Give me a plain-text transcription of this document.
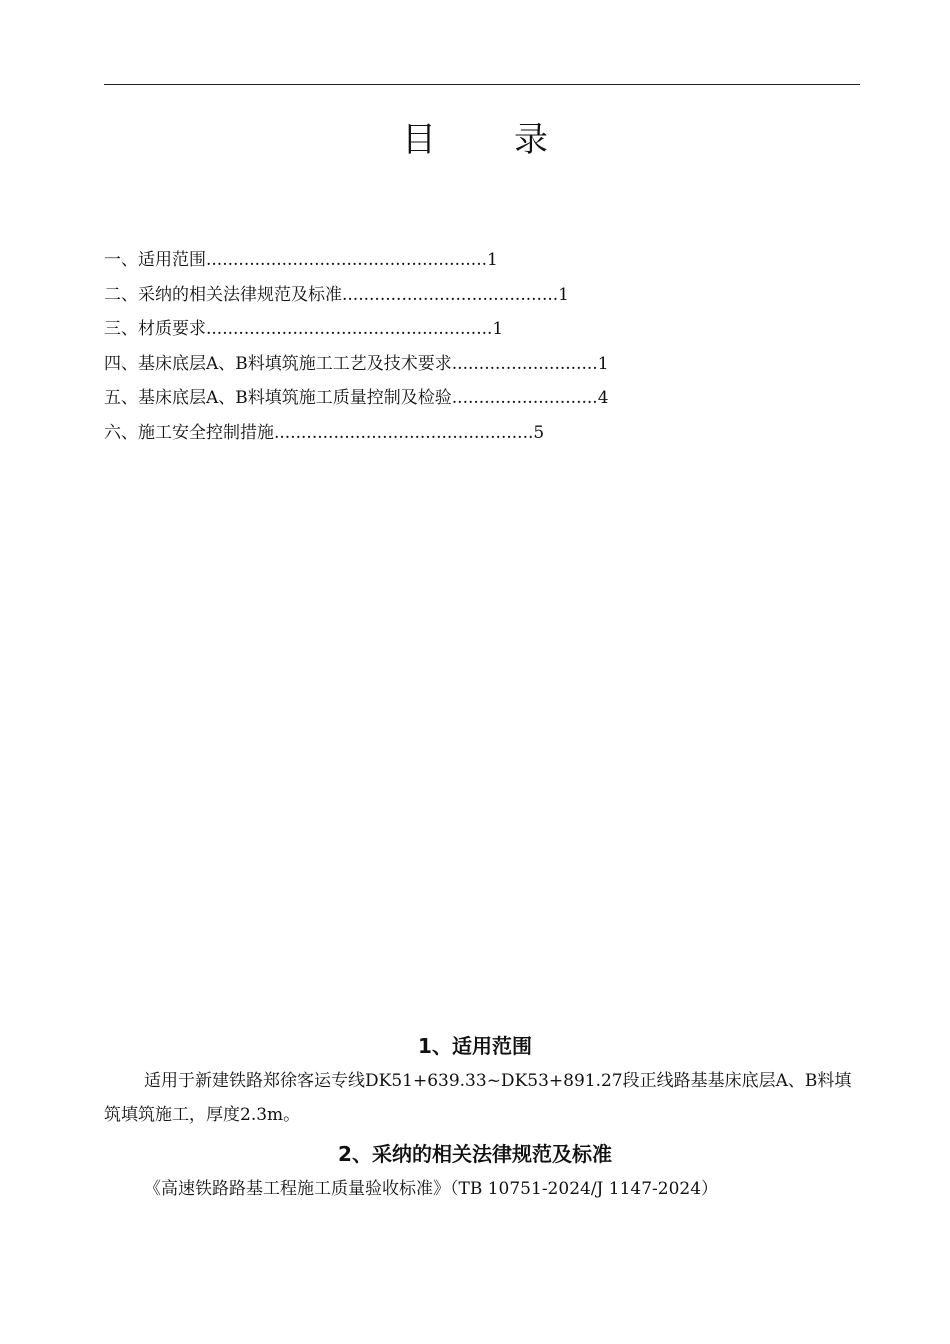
目录
一、适用范围....................................................1
二、采纳的相关法律规范及标准........................................1
三、材质要求.....................................................1
四、基床底层A、B料填筑施工工艺及技术要求...........................1
五、基床底层A、B料填筑施工质量控制及检验...........................4
六、施工安全控制措施................................................5
1、适用范围
适用于新建铁路郑徐客运专线DK51+639.33~DK53+891.27段正线路基基床底层A、B料填筑填筑施工，厚度2.3m。
2、采纳的相关法律规范及标准
《高速铁路路基工程施工质量验收标准》（TB 10751-2024/J 1147-2024）
